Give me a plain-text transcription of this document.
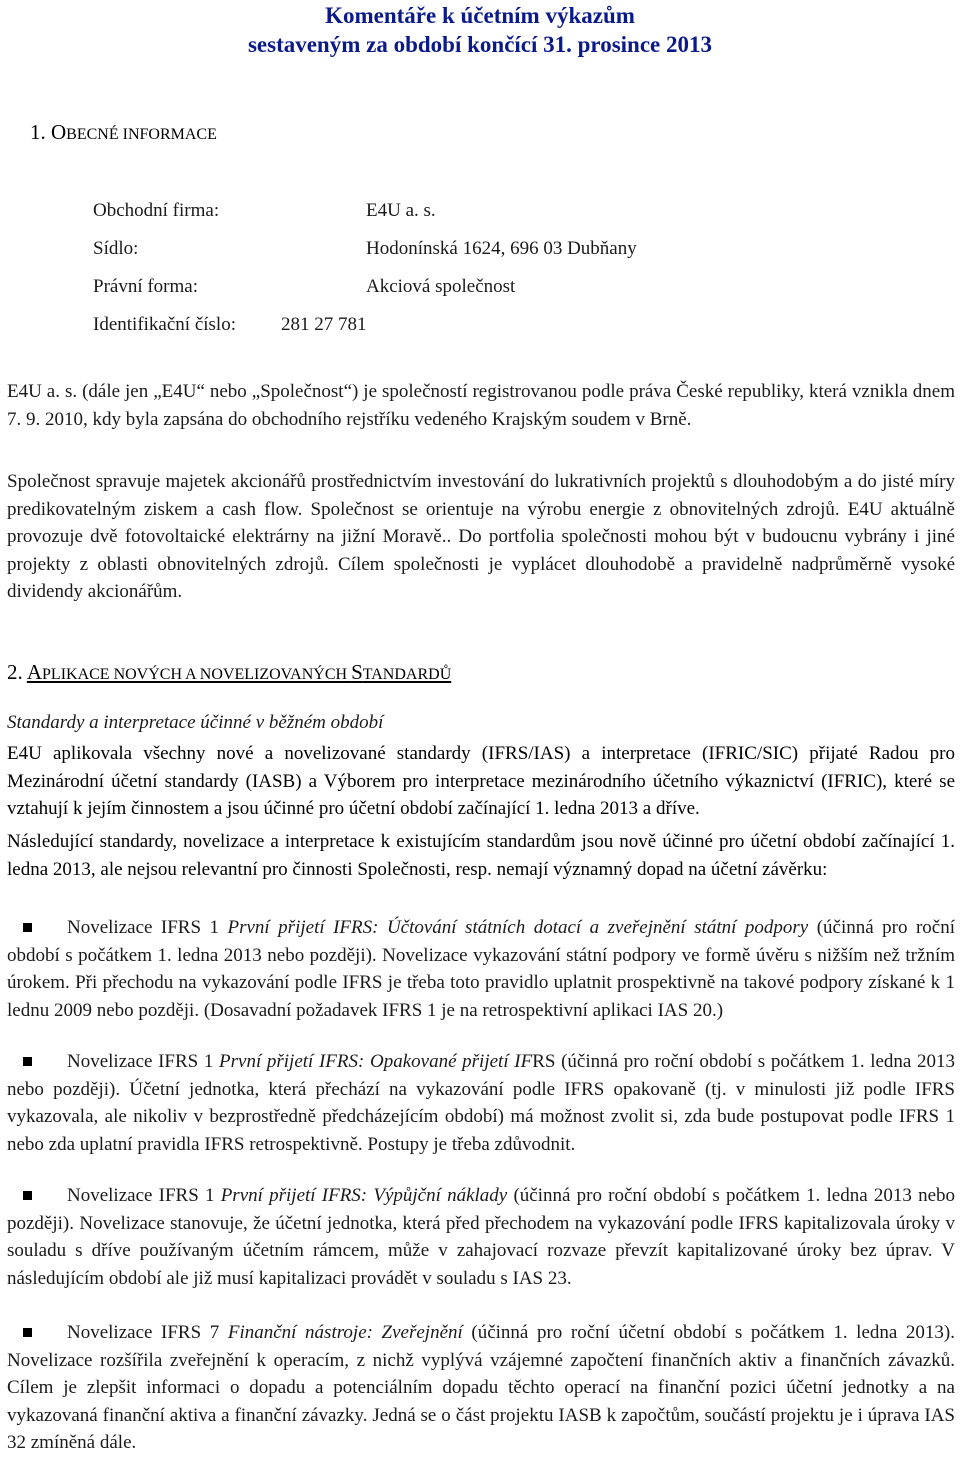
Komentáře k účetním výkazům
sestaveným za období končící 31. prosince 2013
1. OBECNÉ INFORMACE
Obchodní firma:	E4U a. s.
Sídlo:	Hodonínská 1624, 696 03 Dubňany
Právní forma:	Akciová společnost
Identifikační číslo: 281 27 781

E4U a. s. (dále jen „E4U“ nebo „Společnost“) je společností registrovanou podle práva České republiky, která vznikla dnem 7. 9. 2010, kdy byla zapsána do obchodního rejstříku vedeného Krajským soudem v Brně.

Společnost spravuje majetek akcionářů prostřednictvím investování do lukrativních projektů s dlouhodobým a do jisté míry predikovatelným ziskem a cash flow. Společnost se orientuje na výrobu energie z obnovitelných zdrojů. E4U aktuálně provozuje dvě fotovoltaické elektrárny na jižní Moravě.. Do portfolia společnosti mohou být v budoucnu vybrány i jiné projekty z oblasti obnovitelných zdrojů. Cílem společnosti je vyplácet dlouhodobě a pravidelně nadprůměrně vysoké dividendy akcionářům.

2. APLIKACE NOVÝCH A NOVELIZOVANÝCH STANDARDŮ
Standardy a interpretace účinné v běžném období

E4U aplikovala všechny nové a novelizované standardy (IFRS/IAS) a interpretace (IFRIC/SIC) přijaté Radou pro Mezinárodní účetní standardy (IASB) a Výborem pro interpretace mezinárodního účetního výkaznictví (IFRIC), které se vztahují k jejím činnostem a jsou účinné pro účetní období začínající 1. ledna 2013 a dříve.

Následující standardy, novelizace a interpretace k existujícím standardům jsou nově účinné pro účetní období začínající 1. ledna 2013, ale nejsou relevantní pro činnosti Společnosti, resp. nemají významný dopad na účetní závěrku:

Novelizace IFRS 1 První přijetí IFRS: Účtování státních dotací a zveřejnění státní podpory (účinná pro roční období s počátkem 1. ledna 2013 nebo později). Novelizace vykazování státní podpory ve formě úvěru s nižším než tržním úrokem. Při přechodu na vykazování podle IFRS je třeba toto pravidlo uplatnit prospektivně na takové podpory získané k 1 lednu 2009 nebo později. (Dosavadní požadavek IFRS 1 je na retrospektivní aplikaci IAS 20.)
Novelizace IFRS 1 První přijetí IFRS: Opakované přijetí IFRS (účinná pro roční období s počátkem 1. ledna 2013 nebo později). Účetní jednotka, která přechází na vykazování podle IFRS opakovaně (tj. v minulosti již podle IFRS vykazovala, ale nikoliv v bezprostředně předcházejícím období) má možnost zvolit si, zda bude postupovat podle IFRS 1 nebo zda uplatní pravidla IFRS retrospektivně. Postupy je třeba zdůvodnit.
Novelizace IFRS 1 První přijetí IFRS: Výpůjční náklady (účinná pro roční období s počátkem 1. ledna 2013 nebo později). Novelizace stanovuje, že účetní jednotka, která před přechodem na vykazování podle IFRS kapitalizovala úroky v souladu s dříve používaným účetním rámcem, může v zahajovací rozvaze převzít kapitalizované úroky bez úprav. V následujícím období ale již musí kapitalizaci provádět v souladu s IAS 23.
Novelizace IFRS 7 Finanční nástroje: Zveřejnění (účinná pro roční účetní období s počátkem 1. ledna 2013). Novelizace rozšířila zveřejnění k operacím, z nichž vyplývá vzájemné započtení finančních aktiv a finančních závazků. Cílem je zlepšit informaci o dopadu a potenciálním dopadu těchto operací na finanční pozici účetní jednotky a na vykazovaná finanční aktiva a finanční závazky. Jedná se o část projektu IASB k započtům, součástí projektu je i úprava IAS 32 zmíněná dále.
